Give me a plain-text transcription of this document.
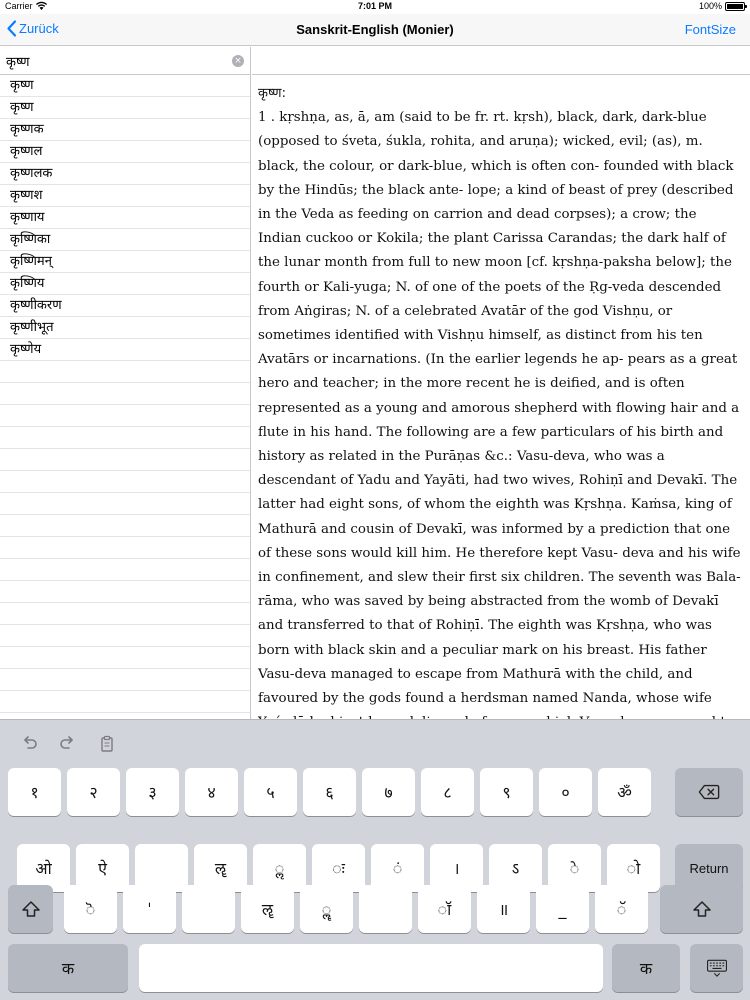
Carrier	7:01 PM	100%
Zurück	Sanskrit-English (Monier)	FontSize
कृष्ण
×
कृष्ण
कृष्ण
कृष्णक
कृष्णल
कृष्णलक
कृष्णश
कृष्णाय
कृष्णिका
कृष्णिमन्
कृष्णिय
कृष्णीकरण
कृष्णीभूत
कृष्णेय
कृष्ण:
1 . kṛshṇa, as, ā, am (said to be fr. rt. kṛsh), black, dark, dark-blue (opposed to śveta, śukla, rohita, and aruṇa); wicked, evil; (as), m. black, the colour, or dark-blue, which is often con- founded with black by the Hindūs; the black ante- lope; a kind of beast of prey (described in the Veda as feeding on carrion and dead corpses); a crow; the Indian cuckoo or Kokila; the plant Carissa Carandas; the dark half of the lunar month from full to new moon [cf. kṛshṇa-paksha below]; the fourth or Kali-yuga; N. of one of the poets of the Ṛg-veda descended from Aṅgiras; N. of a celebrated Avatār of the god Vishṇu, or sometimes identified with Vishṇu himself, as distinct from his ten Avatārs or incarnations. (In the earlier legends he ap- pears as a great hero and teacher; in the more recent he is deified, and is often represented as a young and amorous shepherd with flowing hair and a flute in his hand. The following are a few particulars of his birth and history as related in the Purāṇas &c.: Vasu-deva, who was a descendant of Yadu and Yayāti, had two wives, Rohiṇī and Devakī. The latter had eight sons, of whom the eighth was Kṛshṇa. Kaṁsa, king of Mathurā and cousin of Devakī, was informed by a prediction that one of these sons would kill him. He therefore kept Vasu- deva and his wife in confinement, and slew their first six children. The seventh was Bala-rāma, who was saved by being abstracted from the womb of Devakī and transferred to that of Rohiṇī. The eighth was Kṛshṇa, who was born with black skin and a peculiar mark on his breast. His father Vasu-deva managed to escape from Mathurā with the child, and favoured by the gods found a herdsman named Nanda, whose wife
१	२	३	४	५	६	७	८	९	०	ॐ
ओ	ऐ	ॡ	ॢ	ः	ं	।	ऽ	े	ो	Return
ॆ	ˈ	ॡ	ॣ	ॉ	॥	_	ॅ
क	क
